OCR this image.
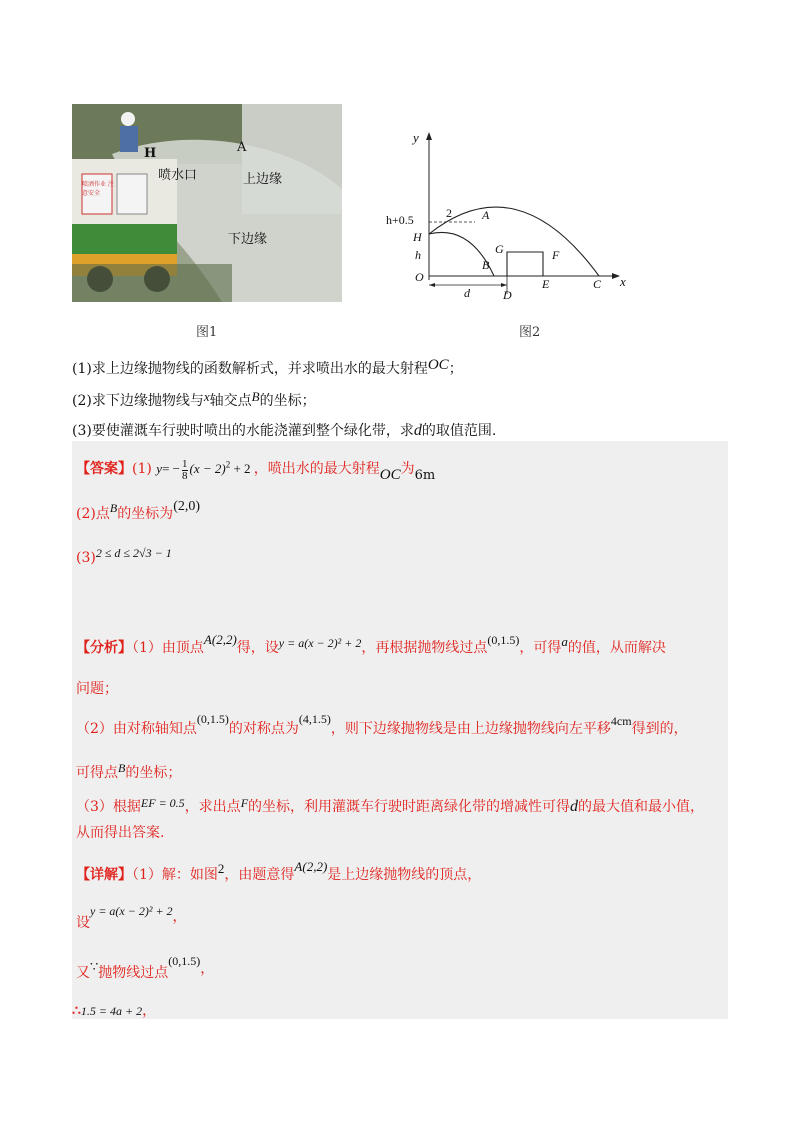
H	A
喷水口	上边缘
下边缘
喷洒作业 注意安全
图1
y
x
h+0.5
H
h
O
2	A
B
G	F
D
E	C
d
图2
(1)求上边缘抛物线的函数解析式，并求喷出水的最大射程OC；
(2)求下边缘抛物线与x轴交点B的坐标；
(3)要使灌溉车行驶时喷出的水能浇灌到整个绿化带，求d的取值范围.
【答案】(1) $y= - \frac{1}{8} (x - 2)^2 + 2$ ，喷出水的最大射程OC为6m
(2)点B的坐标为(2,0)
(3)2 ≤ d ≤ 2√3 − 1
【分析】（1）由顶点A(2,2)得，设y = a(x − 2)² + 2，再根据抛物线过点(0,1.5)，可得a的值，从而解决
问题；
（2）由对称轴知点(0,1.5)的对称点为(4,1.5)，则下边缘抛物线是由上边缘抛物线向左平移4cm得到的，
可得点B的坐标；
（3）根据EF = 0.5，求出点F的坐标，利用灌溉车行驶时距离绿化带的增减性可得d的最大值和最小值，
从而得出答案.
【详解】（1）解：如图2，由题意得A(2,2)是上边缘抛物线的顶点，
设y = a(x − 2)² + 2，
又∵抛物线过点(0,1.5)，
∴1.5 = 4a + 2，
